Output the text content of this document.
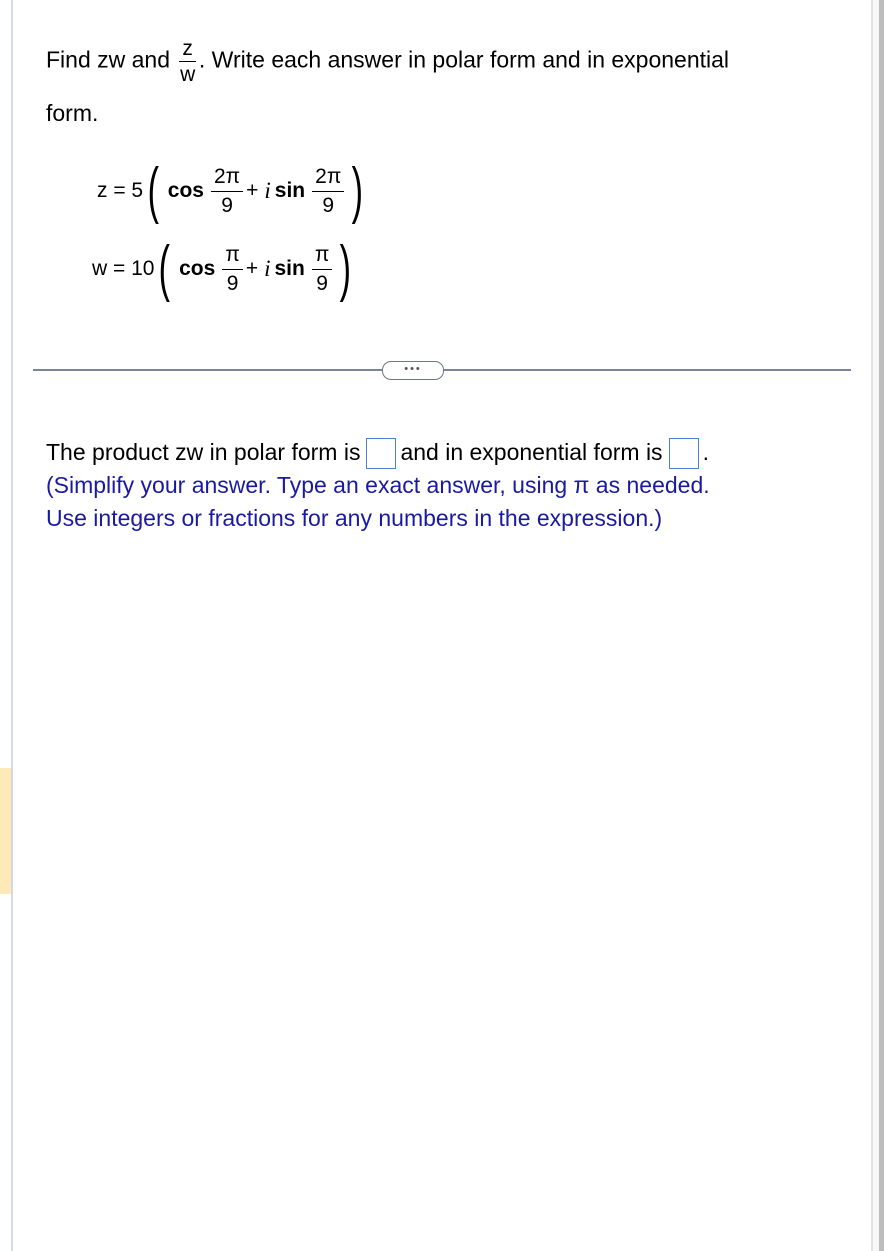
Find zw and $\frac{z}{w}$ . Write each answer in polar form and in exponential
form.
z = 5 ( $\cos \frac{2\pi}{9} + i$ $\sin \frac{2\pi}{9}$ )
w = 10 ( $\cos \frac{\pi}{9} + i$ $\sin \frac{\pi}{9}$ )
•••
The product zw in polar form is and in exponential form is .
(Simplify your answer. Type an exact answer, using π as needed.
Use integers or fractions for any numbers in the expression.)
